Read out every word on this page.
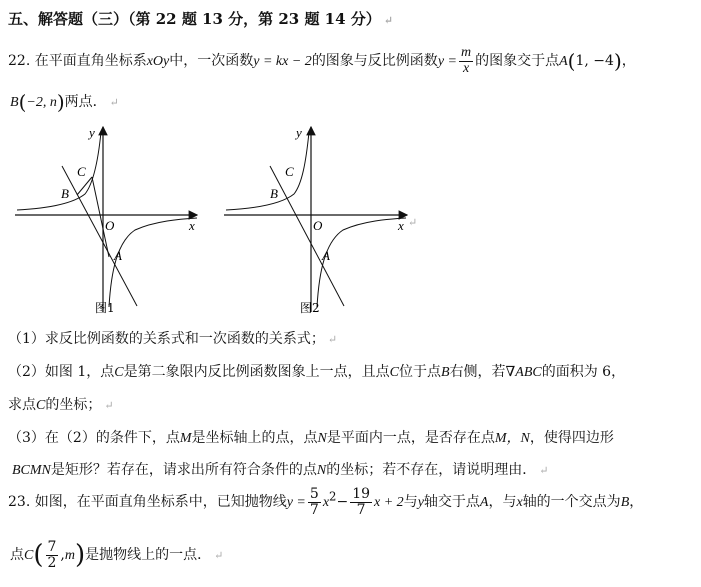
五、解答题（三）（第 22 题 13 分，第 23 题 14 分） ↵
22. 在平面直角坐标系xOy中，一次函数y = kx − 2的图象与反比例函数$y = \frac{m}{x}$ 的图象交于点A(1, −4)，
B(−2, n)两点． ↵
y
x
O
A
B
C
图1
y
x
O
A
B
C
图2
↵
（1）求反比例函数的关系式和一次函数的关系式； ↵
（2）如图 1，点C是第二象限内反比例函数图象上一点，且点C位于点B右侧，若∇ABC的面积为 6，
求点C的坐标； ↵
（3）在（2）的条件下，点M是坐标轴上的点，点N是平面内一点，是否存在点M，N，使得四边形
BCMN是矩形？若存在，请求出所有符合条件的点N的坐标；若不存在，请说明理由． ↵
23. 如图，在平面直角坐标系中，已知抛物线$y = \frac{5}{7} x^2- \frac{19}{7}$ x + 2与y轴交于点A，与x轴的一个交点为B，
点$C( \frac{7}{2} ,m)$是抛物线上的一点． ↵
